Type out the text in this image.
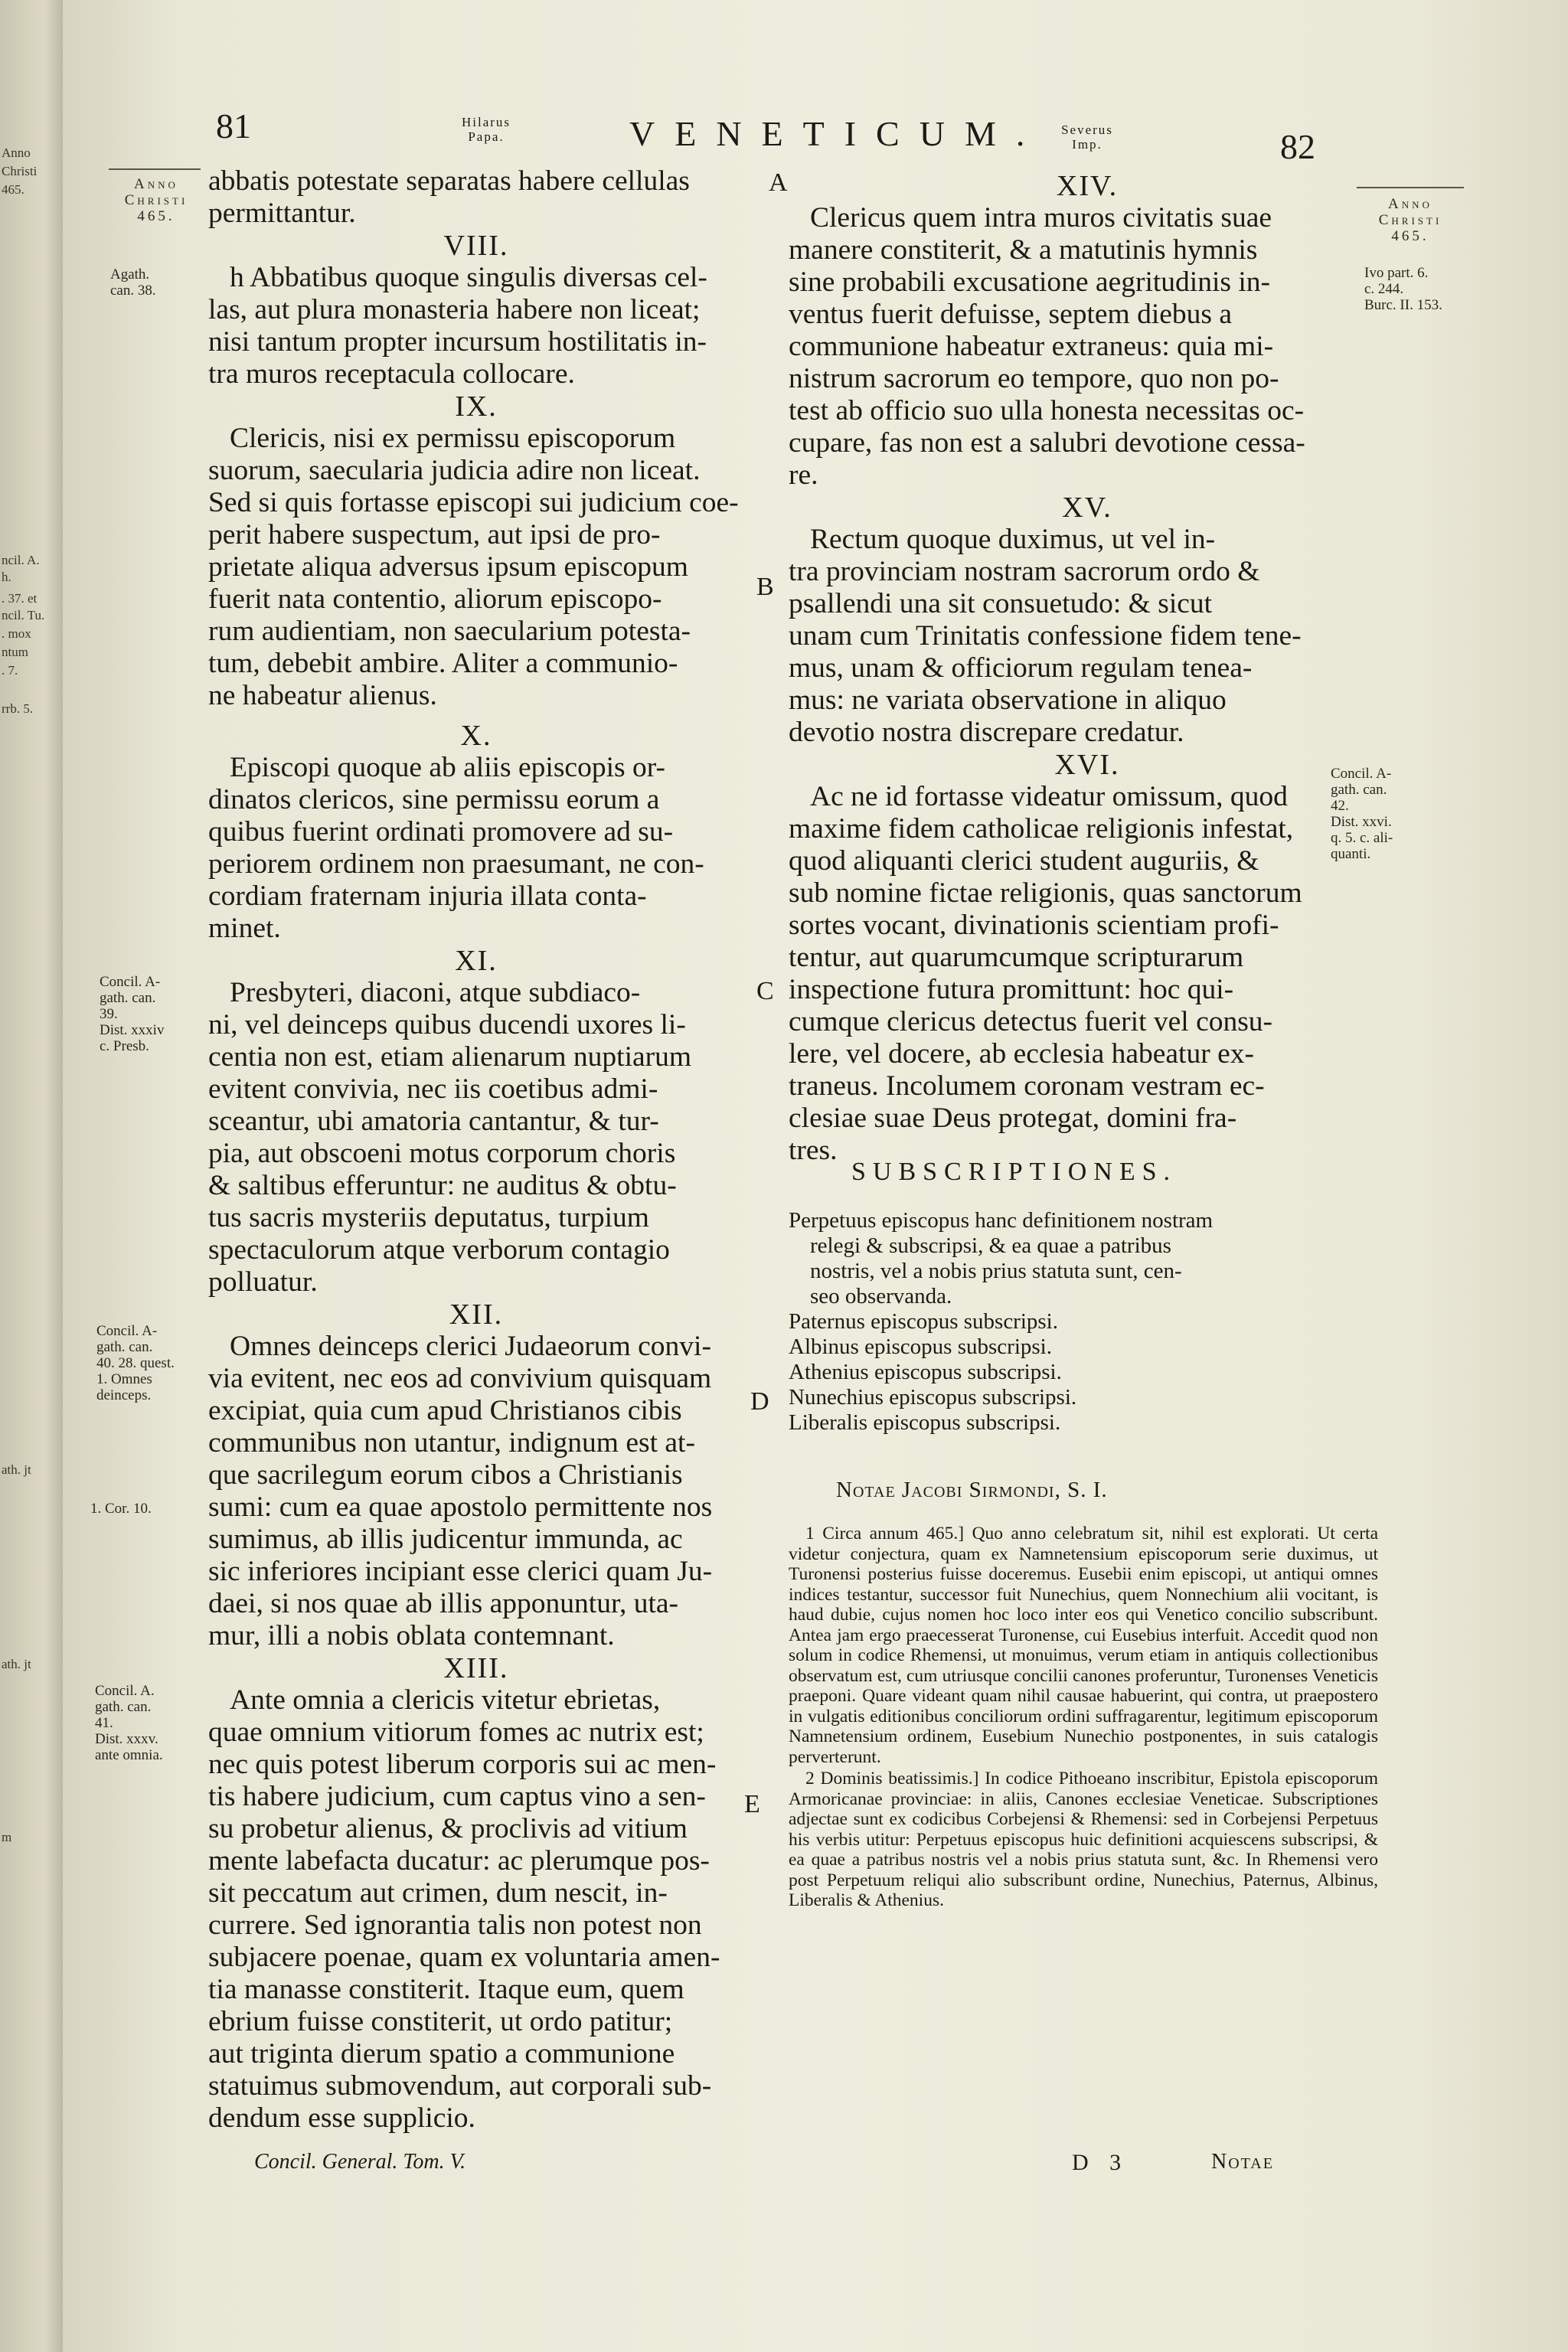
Anno
Christi
465.
ncil. A.
h.
. 37. et
ncil. Tu.
. mox
ntum
. 7.
rrb. 5.
ath. jt
ath. jt
m
81	Hilarus
Papa.	VENETICUM.	Severus
Imp.	82
Anno
Christi
465.
Agath.
can. 38.
Concil. A-
gath. can.
39.
Dist. xxxiv
c. Presb.
Concil. A-
gath. can.
40. 28. quest.
1. Omnes
deinceps.
1. Cor. 10.
Concil. A.
gath. can.
41.
Dist. xxxv.
ante omnia.
A
B
C
D
E

abbatis potestate separatas habere cellulas

permittantur.

VIII.

h Abbatibus quoque singulis diversas cel-

las, aut plura monasteria habere non liceat;

nisi tantum propter incursum hostilitatis in-

tra muros receptacula collocare.

IX.

Clericis, nisi ex permissu episcoporum

suorum, saecularia judicia adire non liceat.

Sed si quis fortasse episcopi sui judicium coe-

perit habere suspectum, aut ipsi de pro-

prietate aliqua adversus ipsum episcopum

fuerit nata contentio, aliorum episcopo-

rum audientiam, non saecularium potesta-

tum, debebit ambire. Aliter a communio-

ne habeatur alienus.

X.

Episcopi quoque ab aliis episcopis or-

dinatos clericos, sine permissu eorum a

quibus fuerint ordinati promovere ad su-

periorem ordinem non praesumant, ne con-

cordiam fraternam injuria illata conta-

minet.

XI.

Presbyteri, diaconi, atque subdiaco-

ni, vel deinceps quibus ducendi uxores li-

centia non est, etiam alienarum nuptiarum

evitent convivia, nec iis coetibus admi-

sceantur, ubi amatoria cantantur, & tur-

pia, aut obscoeni motus corporum choris

& saltibus efferuntur: ne auditus & obtu-

tus sacris mysteriis deputatus, turpium

spectaculorum atque verborum contagio

polluatur.

XII.

Omnes deinceps clerici Judaeorum convi-

via evitent, nec eos ad convivium quisquam

excipiat, quia cum apud Christianos cibis

communibus non utantur, indignum est at-

que sacrilegum eorum cibos a Christianis

sumi: cum ea quae apostolo permittente nos

sumimus, ab illis judicentur immunda, ac

sic inferiores incipiant esse clerici quam Ju-

daei, si nos quae ab illis apponuntur, uta-

mur, illi a nobis oblata contemnant.

XIII.

Ante omnia a clericis vitetur ebrietas,

quae omnium vitiorum fomes ac nutrix est;

nec quis potest liberum corporis sui ac men-

tis habere judicium, cum captus vino a sen-

su probetur alienus, & proclivis ad vitium

mente labefacta ducatur: ac plerumque pos-

sit peccatum aut crimen, dum nescit, in-

currere. Sed ignorantia talis non potest non

subjacere poenae, quam ex voluntaria amen-

tia manasse constiterit. Itaque eum, quem

ebrium fuisse constiterit, ut ordo patitur;

aut triginta dierum spatio a communione

statuimus submovendum, aut corporali sub-

dendum esse supplicio.

XIV.

Clericus quem intra muros civitatis suae

manere constiterit, & a matutinis hymnis

sine probabili excusatione aegritudinis in-

ventus fuerit defuisse, septem diebus a

communione habeatur extraneus: quia mi-

nistrum sacrorum eo tempore, quo non po-

test ab officio suo ulla honesta necessitas oc-

cupare, fas non est a salubri devotione cessa-

re.

XV.

Rectum quoque duximus, ut vel in-

tra provinciam nostram sacrorum ordo &

psallendi una sit consuetudo: & sicut

unam cum Trinitatis confessione fidem tene-

mus, unam & officiorum regulam tenea-

mus: ne variata observatione in aliquo

devotio nostra discrepare credatur.

XVI.

Ac ne id fortasse videatur omissum, quod

maxime fidem catholicae religionis infestat,

quod aliquanti clerici student auguriis, &

sub nomine fictae religionis, quas sanctorum

sortes vocant, divinationis scientiam profi-

tentur, aut quarumcumque scripturarum

inspectione futura promittunt: hoc qui-

cumque clericus detectus fuerit vel consu-

lere, vel docere, ab ecclesia habeatur ex-

traneus. Incolumem coronam vestram ec-

clesiae suae Deus protegat, domini fra-

tres.

SUBSCRIPTIONES.

Perpetuus episcopus hanc definitionem nostram

relegi & subscripsi, & ea quae a patribus

nostris, vel a nobis prius statuta sunt, cen-

seo observanda.

Paternus episcopus subscripsi.

Albinus episcopus subscripsi.

Athenius episcopus subscripsi.

Nunechius episcopus subscripsi.

Liberalis episcopus subscripsi.

Notae Jacobi Sirmondi, S. I.

1 Circa annum 465.] Quo anno celebratum sit, nihil est explorati. Ut certa videtur conjectura, quam ex Namnetensium episcoporum serie duximus, ut Turonensi posterius fuisse doceremus. Eusebii enim episcopi, ut antiqui omnes indices testantur, successor fuit Nunechius, quem Nonnechium alii vocitant, is haud dubie, cujus nomen hoc loco inter eos qui Venetico concilio subscribunt. Antea jam ergo praecesserat Turonense, cui Eusebius interfuit. Accedit quod non solum in codice Rhemensi, ut monuimus, verum etiam in antiquis collectionibus observatum est, cum utriusque concilii canones proferuntur, Turonenses Veneticis praeponi. Quare videant quam nihil causae habuerint, qui contra, ut praepostero in vulgatis editionibus conciliorum ordini suffragarentur, legitimum episcoporum Namnetensium ordinem, Eusebium Nunechio postponentes, in suis catalogis perverterunt.

2 Dominis beatissimis.] In codice Pithoeano inscribitur, Epistola episcoporum Armoricanae provinciae: in aliis, Canones ecclesiae Veneticae. Subscriptiones adjectae sunt ex codicibus Corbejensi & Rhemensi: sed in Corbejensi Perpetuus his verbis utitur: Perpetuus episcopus huic definitioni acquiescens subscripsi, & ea quae a patribus nostris vel a nobis prius statuta sunt, &c. In Rhemensi vero post Perpetuum reliqui alio subscribunt ordine, Nunechius, Paternus, Albinus, Liberalis & Athenius.

Anno
Christi
465.
Ivo part. 6.
c. 244.
Burc. II. 153.
Concil. A-
gath. can.
42.
Dist. xxvi.
q. 5. c. ali-
quanti.
Concil. General. Tom. V.	D 3	Notae
